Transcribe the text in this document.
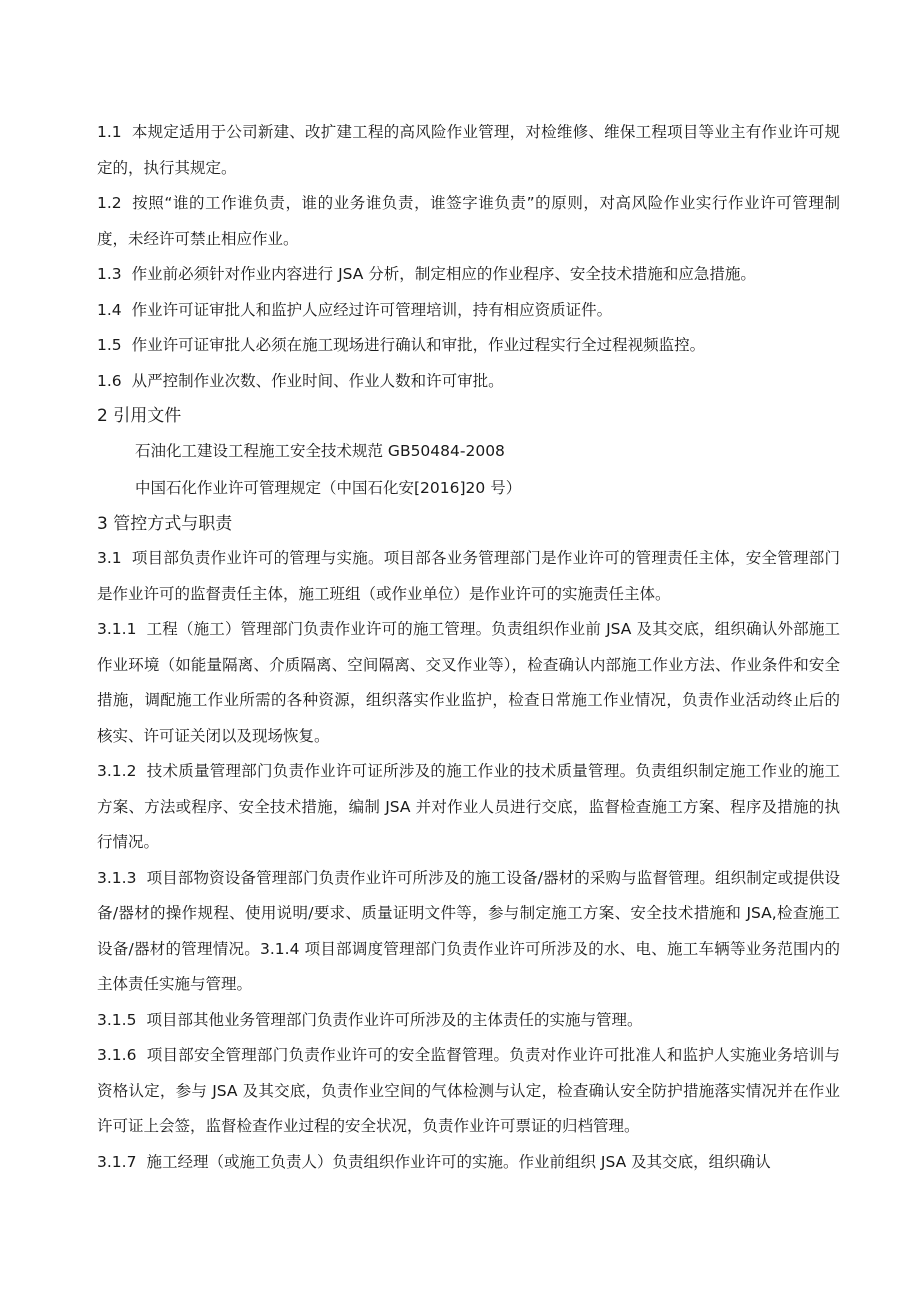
1.1 本规定适用于公司新建、改扩建工程的高风险作业管理，对检维修、维保工程项目等业主有作业许可规定的，执行其规定。

1.2 按照“谁的工作谁负责，谁的业务谁负责，谁签字谁负责”的原则，对高风险作业实行作业许可管理制度，未经许可禁止相应作业。

1.3 作业前必须针对作业内容进行 JSA 分析，制定相应的作业程序、安全技术措施和应急措施。

1.4 作业许可证审批人和监护人应经过许可管理培训，持有相应资质证件。

1.5 作业许可证审批人必须在施工现场进行确认和审批，作业过程实行全过程视频监控。

1.6 从严控制作业次数、作业时间、作业人数和许可审批。

2 引用文件

石油化工建设工程施工安全技术规范 GB50484-2008

中国石化作业许可管理规定（中国石化安[2016]20 号）

3 管控方式与职责

3.1 项目部负责作业许可的管理与实施。项目部各业务管理部门是作业许可的管理责任主体，安全管理部门是作业许可的监督责任主体，施工班组（或作业单位）是作业许可的实施责任主体。

3.1.1 工程（施工）管理部门负责作业许可的施工管理。负责组织作业前 JSA 及其交底，组织确认外部施工作业环境（如能量隔离、介质隔离、空间隔离、交叉作业等），检查确认内部施工作业方法、作业条件和安全措施，调配施工作业所需的各种资源，组织落实作业监护，检查日常施工作业情况，负责作业活动终止后的核实、许可证关闭以及现场恢复。

3.1.2 技术质量管理部门负责作业许可证所涉及的施工作业的技术质量管理。负责组织制定施工作业的施工方案、方法或程序、安全技术措施，编制 JSA 并对作业人员进行交底，监督检查施工方案、程序及措施的执行情况。

3.1.3 项目部物资设备管理部门负责作业许可所涉及的施工设备/器材的采购与监督管理。组织制定或提供设备/器材的操作规程、使用说明/要求、质量证明文件等，参与制定施工方案、安全技术措施和 JSA,检查施工设备/器材的管理情况。3.1.4 项目部调度管理部门负责作业许可所涉及的水、电、施工车辆等业务范围内的主体责任实施与管理。

3.1.5 项目部其他业务管理部门负责作业许可所涉及的主体责任的实施与管理。

3.1.6 项目部安全管理部门负责作业许可的安全监督管理。负责对作业许可批准人和监护人实施业务培训与资格认定，参与 JSA 及其交底，负责作业空间的气体检测与认定，检查确认安全防护措施落实情况并在作业许可证上会签，监督检查作业过程的安全状况，负责作业许可票证的归档管理。

3.1.7 施工经理（或施工负责人）负责组织作业许可的实施。作业前组织 JSA 及其交底，组织确认
